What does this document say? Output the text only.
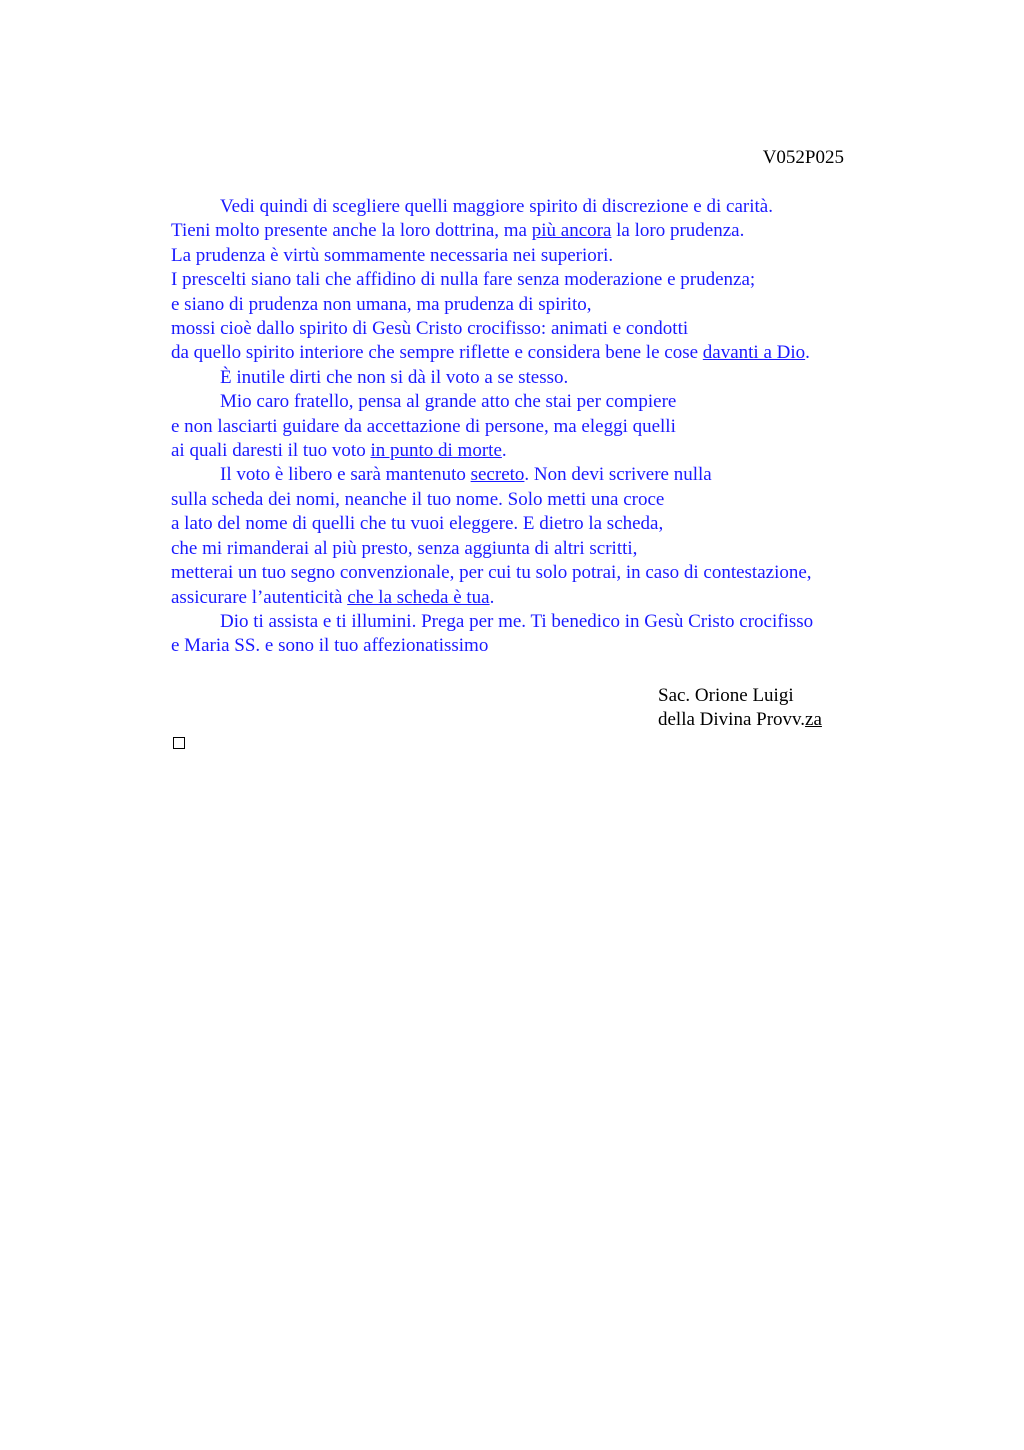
V052P025
Vedi quindi di scegliere quelli maggiore spirito di discrezione e di carità.
Tieni molto presente anche la loro dottrina, ma più ancora la loro prudenza.
La prudenza è virtù sommamente necessaria nei superiori.
I prescelti siano tali che affidino di nulla fare senza moderazione e prudenza;
e siano di prudenza non umana, ma prudenza di spirito,
mossi cioè dallo spirito di Gesù Cristo crocifisso: animati e condotti
da quello spirito interiore che sempre riflette e considera bene le cose davanti a Dio.
È inutile dirti che non si dà il voto a se stesso.
Mio caro fratello, pensa al grande atto che stai per compiere
e non lasciarti guidare da accettazione di persone, ma eleggi quelli
ai quali daresti il tuo voto in punto di morte.
Il voto è libero e sarà mantenuto secreto. Non devi scrivere nulla
sulla scheda dei nomi, neanche il tuo nome. Solo metti una croce
a lato del nome di quelli che tu vuoi eleggere. E dietro la scheda,
che mi rimanderai al più presto, senza aggiunta di altri scritti,
metterai un tuo segno convenzionale, per cui tu solo potrai, in caso di contestazione,
assicurare l’autenticità che la scheda è tua.
Dio ti assista e ti illumini. Prega per me. Ti benedico in Gesù Cristo crocifisso
e Maria SS. e sono il tuo affezionatissimo
Sac. Orione Luigi
della Divina Provv.za
